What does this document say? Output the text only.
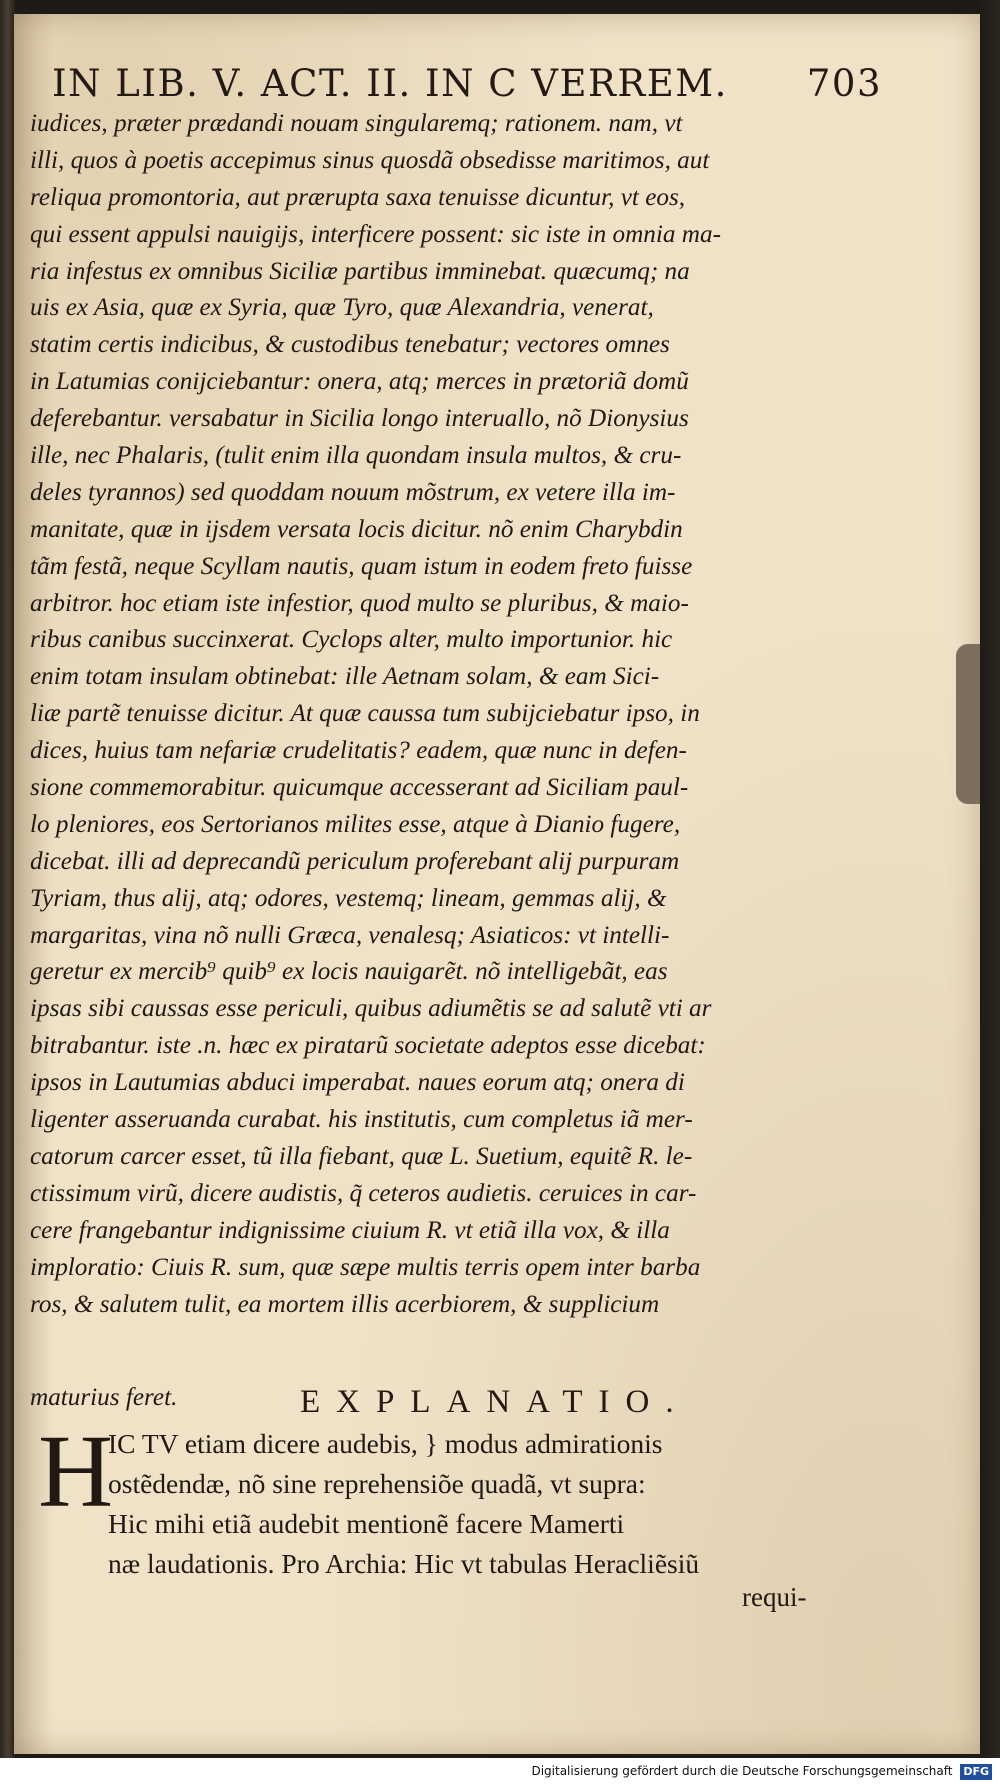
IN LIB. V. ACT. II. IN C VERREM. 703
iudices, præter prædandi nouam singularemq; rationem. nam, vt
illi, quos à poetis accepimus sinus quosdã obsedisse maritimos, aut
reliqua promontoria, aut prærupta saxa tenuisse dicuntur, vt eos,
qui essent appulsi nauigijs, interficere possent: sic iste in omnia ma-
ria infestus ex omnibus Siciliæ partibus imminebat. quæcumq; na
uis ex Asia, quæ ex Syria, quæ Tyro, quæ Alexandria, venerat,
statim certis indicibus, & custodibus tenebatur; vectores omnes
in Latumias conijciebantur: onera, atq; merces in prætoriã domũ
deferebantur. versabatur in Sicilia longo interuallo, nõ Dionysius
ille, nec Phalaris, (tulit enim illa quondam insula multos, & cru-
deles tyrannos) sed quoddam nouum mõstrum, ex vetere illa im-
manitate, quæ in ijsdem versata locis dicitur. nõ enim Charybdin
tãm festã, neque Scyllam nautis, quam istum in eodem freto fuisse
arbitror. hoc etiam iste infestior, quod multo se pluribus, & maio-
ribus canibus succinxerat. Cyclops alter, multo importunior. hic
enim totam insulam obtinebat: ille Aetnam solam, & eam Sici-
liæ partẽ tenuisse dicitur. At quæ caussa tum subijciebatur ipso, in
dices, huius tam nefariæ crudelitatis? eadem, quæ nunc in defen-
sione commemorabitur. quicumque accesserant ad Siciliam paul-
lo pleniores, eos Sertorianos milites esse, atque à Dianio fugere,
dicebat. illi ad deprecandũ periculum proferebant alij purpuram
Tyriam, thus alij, atq; odores, vestemq; lineam, gemmas alij, &
margaritas, vina nõ nulli Græca, venalesq; Asiaticos: vt intelli-
geretur ex mercib⁹ quib⁹ ex locis nauigarẽt. nõ intelligebãt, eas
ipsas sibi caussas esse periculi, quibus adiumẽtis se ad salutẽ vti ar
bitrabantur. iste .n. hæc ex piratarũ societate adeptos esse dicebat:
ipsos in Lautumias abduci imperabat. naues eorum atq; onera di
ligenter asseruanda curabat. his institutis, cum completus iã mer-
catorum carcer esset, tũ illa fiebant, quæ L. Suetium, equitẽ R. le-
ctissimum virũ, dicere audistis, q̃ ceteros audietis. ceruices in car-
cere frangebantur indignissime ciuium R. vt etiã illa vox, & illa
imploratio: Ciuis R. sum, quæ sæpe multis terris opem inter barba
ros, & salutem tulit, ea mortem illis acerbiorem, & supplicium
maturius feret.	EXPLANATIO.
H
IC TV etiam dicere audebis, } modus admirationis
ostẽdendæ, nõ sine reprehensiõe quadã, vt supra:
Hic mihi etiã audebit mentionẽ facere Mamerti
næ laudationis. Pro Archia: Hic vt tabulas Heracliẽsiũ
requi-
Digitalisierung gefördert durch die Deutsche Forschungsgemeinschaft DFG
